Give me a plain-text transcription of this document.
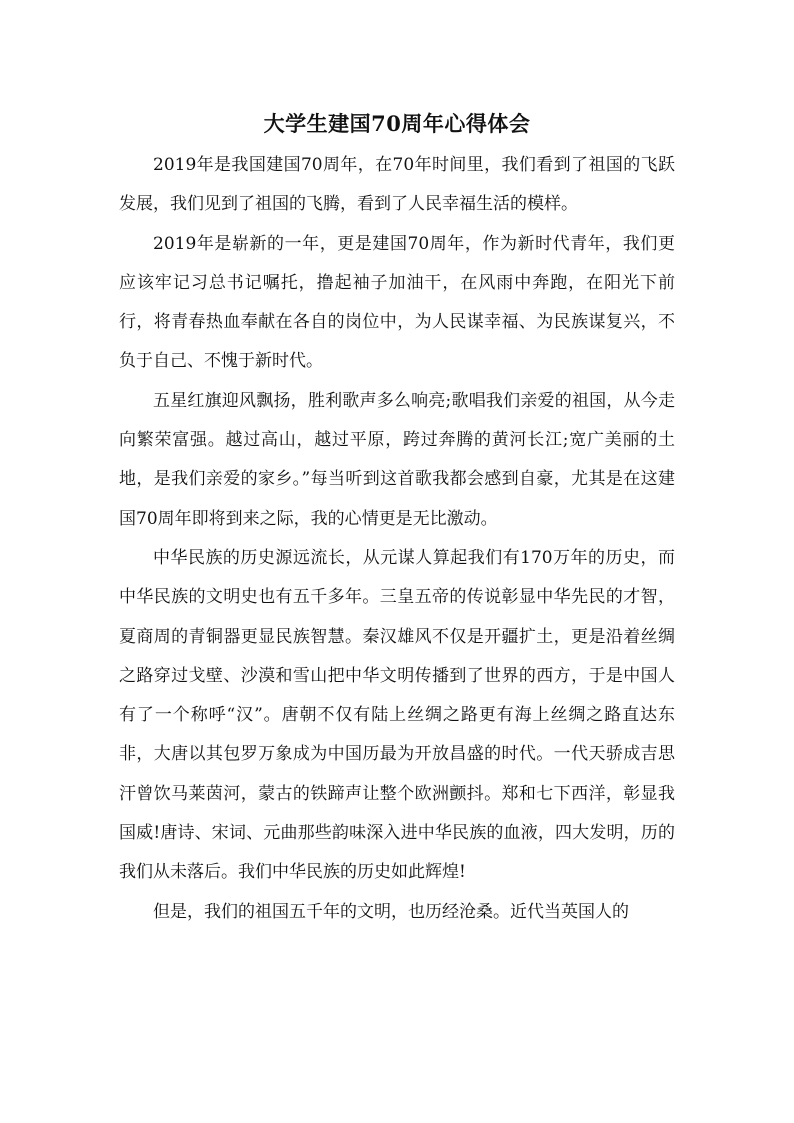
大学生建国70周年心得体会

2019年是我国建国70周年，在70年时间里，我们看到了祖国的飞跃发展，我们见到了祖国的飞腾，看到了人民幸福生活的模样。

2019年是崭新的一年，更是建国70周年，作为新时代青年，我们更应该牢记习总书记嘱托，撸起袖子加油干，在风雨中奔跑，在阳光下前行，将青春热血奉献在各自的岗位中，为人民谋幸福、为民族谋复兴，不负于自己、不愧于新时代。

五星红旗迎风飘扬，胜利歌声多么响亮;歌唱我们亲爱的祖国，从今走向繁荣富强。越过高山，越过平原，跨过奔腾的黄河长江;宽广美丽的土地，是我们亲爱的家乡。”每当听到这首歌我都会感到自豪，尤其是在这建国70周年即将到来之际，我的心情更是无比激动。

中华民族的历史源远流长，从元谋人算起我们有170万年的历史，而中华民族的文明史也有五千多年。三皇五帝的传说彰显中华先民的才智，夏商周的青铜器更显民族智慧。秦汉雄风不仅是开疆扩土，更是沿着丝绸之路穿过戈壁、沙漠和雪山把中华文明传播到了世界的西方，于是中国人有了一个称呼“汉”。唐朝不仅有陆上丝绸之路更有海上丝绸之路直达东非，大唐以其包罗万象成为中国历最为开放昌盛的时代。一代天骄成吉思汗曾饮马莱茵河，蒙古的铁蹄声让整个欧洲颤抖。郑和七下西洋，彰显我国威!唐诗、宋词、元曲那些韵味深入进中华民族的血液，四大发明，历的我们从未落后。我们中华民族的历史如此辉煌!

但是，我们的祖国五千年的文明，也历经沧桑。近代当英国人的
